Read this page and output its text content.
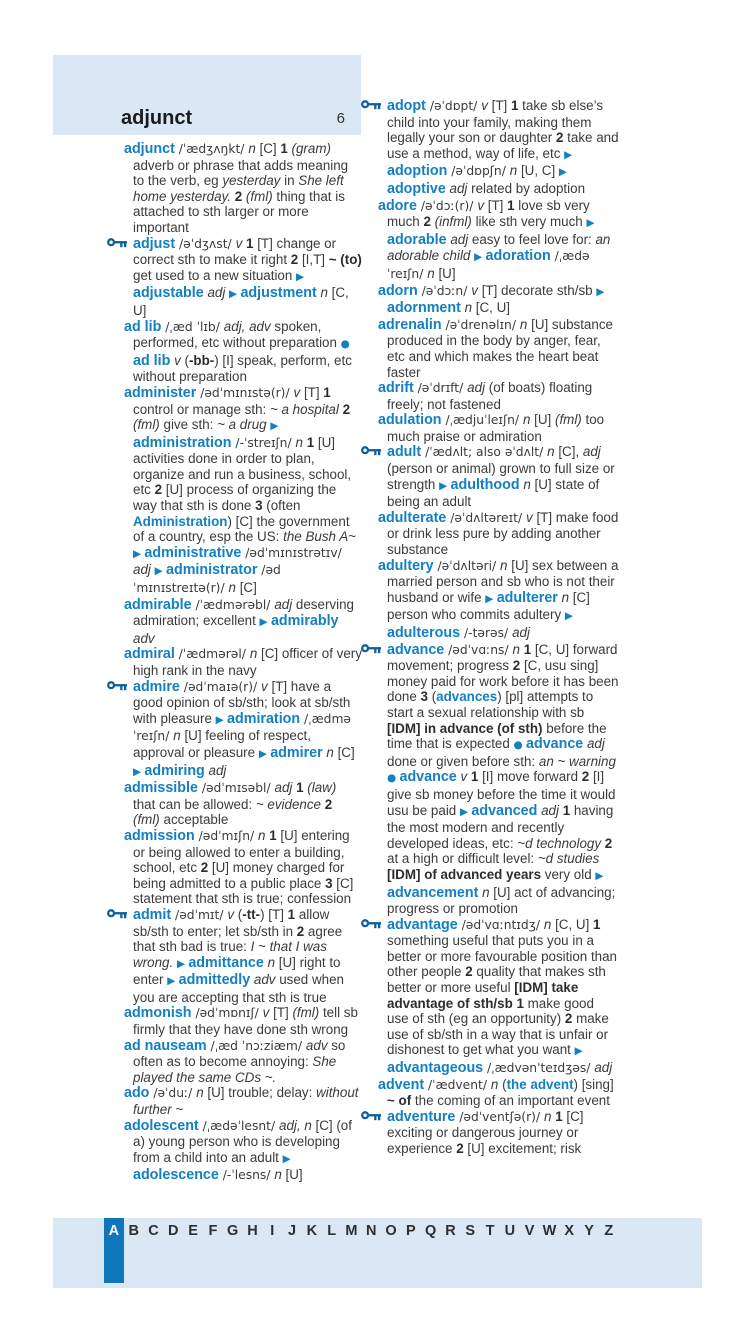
adjunct	6
adjunct /ˈædʒʌŋkt/ n [C] 1 (gram) adverb or phrase that adds meaning to the verb, eg yesterday in She left home yesterday. 2 (fml) thing that is attached to sth larger or more important
adjust /əˈdʒʌst/ v 1 [T] change or correct sth to make it right 2 [I,T] ~ (to) get used to a new situation ▶ adjustable adj ▶ adjustment n [C, U]
ad lib /ˌæd ˈlɪb/ adj, adv spoken, performed, etc without preparation ● ad lib v (-bb-) [I] speak, perform, etc without preparation
administer /ədˈmɪnɪstə(r)/ v [T] 1 control or manage sth: ~ a hospital 2 (fml) give sth: ~ a drug ▶ administration /-ˈstreɪʃn/ n 1 [U] activities done in order to plan, organize and run a business, school, etc 2 [U] process of organizing the way that sth is done 3 (often Administration) [C] the government of a country, esp the US: the Bush A~ ▶ administrative /ədˈmɪnɪstrətɪv/ adj ▶ administrator /ədˈmɪnɪstreɪtə(r)/ n [C]
admirable /ˈædmərəbl/ adj deserving admiration; excellent ▶ admirably adv
admiral /ˈædmərəl/ n [C] officer of very high rank in the navy
admire /ədˈmaɪə(r)/ v [T] have a good opinion of sb/sth; look at sb/sth with pleasure ▶ admiration /ˌædməˈreɪʃn/ n [U] feeling of respect, approval or pleasure ▶ admirer n [C] ▶ admiring adj
admissible /ədˈmɪsəbl/ adj 1 (law) that can be allowed: ~ evidence 2 (fml) acceptable
admission /ədˈmɪʃn/ n 1 [U] entering or being allowed to enter a building, school, etc 2 [U] money charged for being admitted to a public place 3 [C] statement that sth is true; confession
admit /ədˈmɪt/ v (-tt-) [T] 1 allow sb/sth to enter; let sb/sth in 2 agree that sth bad is true: I ~ that I was wrong. ▶ admittance n [U] right to enter ▶ admittedly adv used when you are accepting that sth is true
admonish /ədˈmɒnɪʃ/ v [T] (fml) tell sb firmly that they have done sth wrong
ad nauseam /ˌæd ˈnɔːziæm/ adv so often as to become annoying: She played the same CDs ~.
ado /əˈduː/ n [U] trouble; delay: without further ~
adolescent /ˌædəˈlesnt/ adj, n [C] (of a) young person who is developing from a child into an adult ▶ adolescence /-ˈlesns/ n [U]
adopt /əˈdɒpt/ v [T] 1 take sb else’s child into your family, making them legally your son or daughter 2 take and use a method, way of life, etc ▶ adoption /əˈdɒpʃn/ n [U, C] ▶ adoptive adj related by adoption
adore /əˈdɔː(r)/ v [T] 1 love sb very much 2 (infml) like sth very much ▶ adorable adj easy to feel love for: an adorable child ▶ adoration /ˌædəˈreɪʃn/ n [U]
adorn /əˈdɔːn/ v [T] decorate sth/sb ▶ adornment n [C, U]
adrenalin /əˈdrenəlɪn/ n [U] substance produced in the body by anger, fear, etc and which makes the heart beat faster
adrift /əˈdrɪft/ adj (of boats) floating freely; not fastened
adulation /ˌædjuˈleɪʃn/ n [U] (fml) too much praise or admiration
adult /ˈædʌlt; also əˈdʌlt/ n [C], adj (person or animal) grown to full size or strength ▶ adulthood n [U] state of being an adult
adulterate /əˈdʌltəreɪt/ v [T] make food or drink less pure by adding another substance
adultery /əˈdʌltəri/ n [U] sex between a married person and sb who is not their husband or wife ▶ adulterer n [C] person who commits adultery ▶ adulterous /-tərəs/ adj
advance /ədˈvɑːns/ n 1 [C, U] forward movement; progress 2 [C, usu sing] money paid for work before it has been done 3 (advances) [pl] attempts to start a sexual relationship with sb [IDM] in advance (of sth) before the time that is expected ● advance adj done or given before sth: an ~ warning ● advance v 1 [I] move forward 2 [I] give sb money before the time it would usu be paid ▶ advanced adj 1 having the most modern and recently developed ideas, etc: ~d technology 2 at a high or difficult level: ~d studies [IDM] of advanced years very old ▶ advancement n [U] act of advancing; progress or promotion
advantage /ədˈvɑːntɪdʒ/ n [C, U] 1 something useful that puts you in a better or more favourable position than other people 2 quality that makes sth better or more useful [IDM] take advantage of sth/sb 1 make good use of sth (eg an opportunity) 2 make use of sb/sth in a way that is unfair or dishonest to get what you want ▶ advantageous /ˌædvənˈteɪdʒəs/ adj
advent /ˈædvent/ n (the advent) [sing] ~ of the coming of an important event
adventure /ədˈventʃə(r)/ n 1 [C] exciting or dangerous journey or experience 2 [U] excitement; risk
A B C D E F G H I J K L M N O P Q R S T U V W X Y Z
